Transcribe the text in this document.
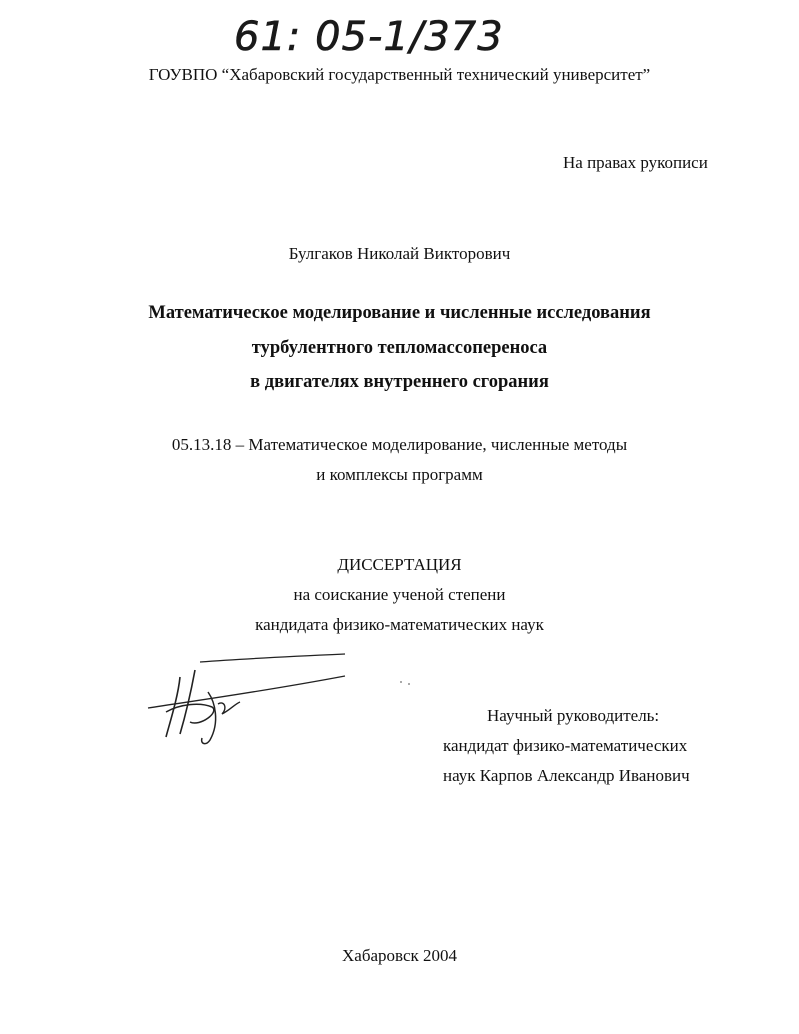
61: 05-1/373
ГОУВПО “Хабаровский государственный технический университет”
На правах рукописи
Булгаков Николай Викторович
Математическое моделирование и численные исследования
турбулентного тепломассопереноса
в двигателях внутреннего сгорания
05.13.18 – Математическое моделирование, численные методы
и комплексы программ
ДИССЕРТАЦИЯ
на соискание ученой степени
кандидата физико-математических наук
Научный руководитель:
кандидат физико-математических
наук Карпов Александр Иванович
Хабаровск 2004
